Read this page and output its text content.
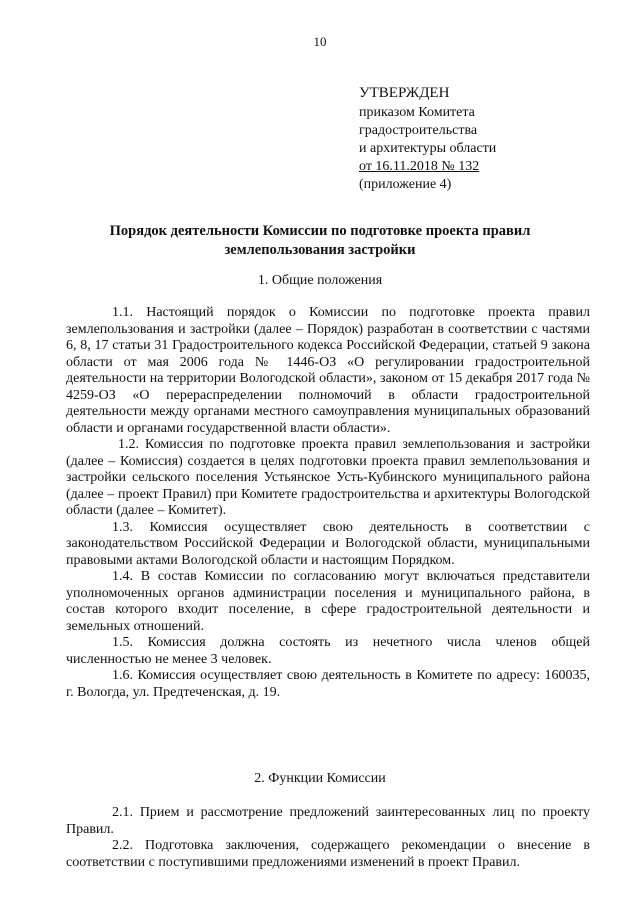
10
УТВЕРЖДЕН
приказом Комитета
градостроительства
и архитектуры области
от 16.11.2018 № 132
(приложение 4)
Порядок деятельности Комиссии по подготовке проекта правил
землепользования застройки
1. Общие положения

1.1. Настоящий порядок о Комиссии по подготовке проекта правил землепользования и застройки (далее – Порядок) разработан в соответствии с частями 6, 8, 17 статьи 31 Градостроительного кодекса Российской Федерации, статьей 9 закона области от мая 2006 года № 1446-ОЗ «О регулировании градостроительной деятельности на территории Вологодской области», законом от 15 декабря 2017 года № 4259-ОЗ «О перераспределении полномочий в области градостроительной деятельности между органами местного самоуправления муниципальных образований области и органами государственной власти области».

1.2. Комиссия по подготовке проекта правил землепользования и застройки (далее – Комиссия) создается в целях подготовки проекта правил землепользования и застройки сельского поселения Устьянское Усть-Кубинского муниципального района (далее – проект Правил) при Комитете градостроительства и архитектуры Вологодской области (далее – Комитет).

1.3. Комиссия осуществляет свою деятельность в соответствии с законодательством Российской Федерации и Вологодской области, муниципальными правовыми актами Вологодской области и настоящим Порядком.

1.4. В состав Комиссии по согласованию могут включаться представители уполномоченных органов администрации поселения и муниципального района, в состав которого входит поселение, в сфере градостроительной деятельности и земельных отношений.

1.5. Комиссия должна состоять из нечетного числа членов общей численностью не менее 3 человек.

1.6. Комиссия осуществляет свою деятельность в Комитете по адресу: 160035, г. Вологда, ул. Предтеченская, д. 19.

2. Функции Комиссии

2.1. Прием и рассмотрение предложений заинтересованных лиц по проекту Правил.

2.2. Подготовка заключения, содержащего рекомендации о внесение в соответствии с поступившими предложениями изменений в проект Правил.
